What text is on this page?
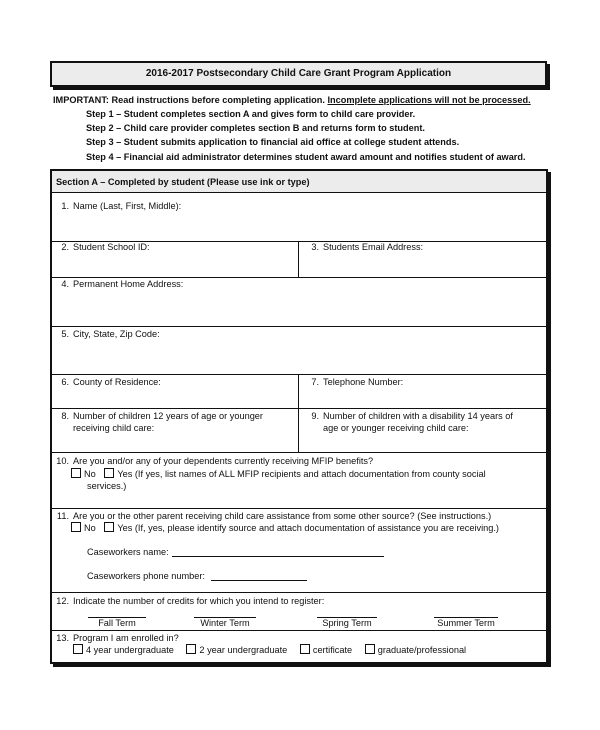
2016-2017 Postsecondary Child Care Grant Program Application
IMPORTANT: Read instructions before completing application. Incomplete applications will not be processed.
Step 1 – Student completes section A and gives form to child care provider.
Step 2 – Child care provider completes section B and returns form to student.
Step 3 – Student submits application to financial aid office at college student attends.
Step 4 – Financial aid administrator determines student award amount and notifies student of award.
Section A – Completed by student (Please use ink or type)
1. Name (Last, First, Middle):
2. Student School ID:	3. Students Email Address:
4. Permanent Home Address:
5. City, State, Zip Code:
6. County of Residence:	7. Telephone Number:
8. Number of children 12 years of age or younger
receiving child care:
9. Number of children with a disability 14 years of
age or younger receiving child care:
10. Are you and/or any of your dependents currently receiving MFIP benefits?
No Yes (If yes, list names of ALL MFIP recipients and attach documentation from county social
services.)
11. Are you or the other parent receiving child care assistance from some other source? (See instructions.)
No Yes (If, yes, please identify source and attach documentation of assistance you are receiving.)
Caseworkers name:
Caseworkers phone number:
12. Indicate the number of credits for which you intend to register:
Fall Term	Winter Term	Spring Term	Summer Term
13. Program I am enrolled in?
4 year undergraduate	2 year undergraduate	certificate	graduate/professional
